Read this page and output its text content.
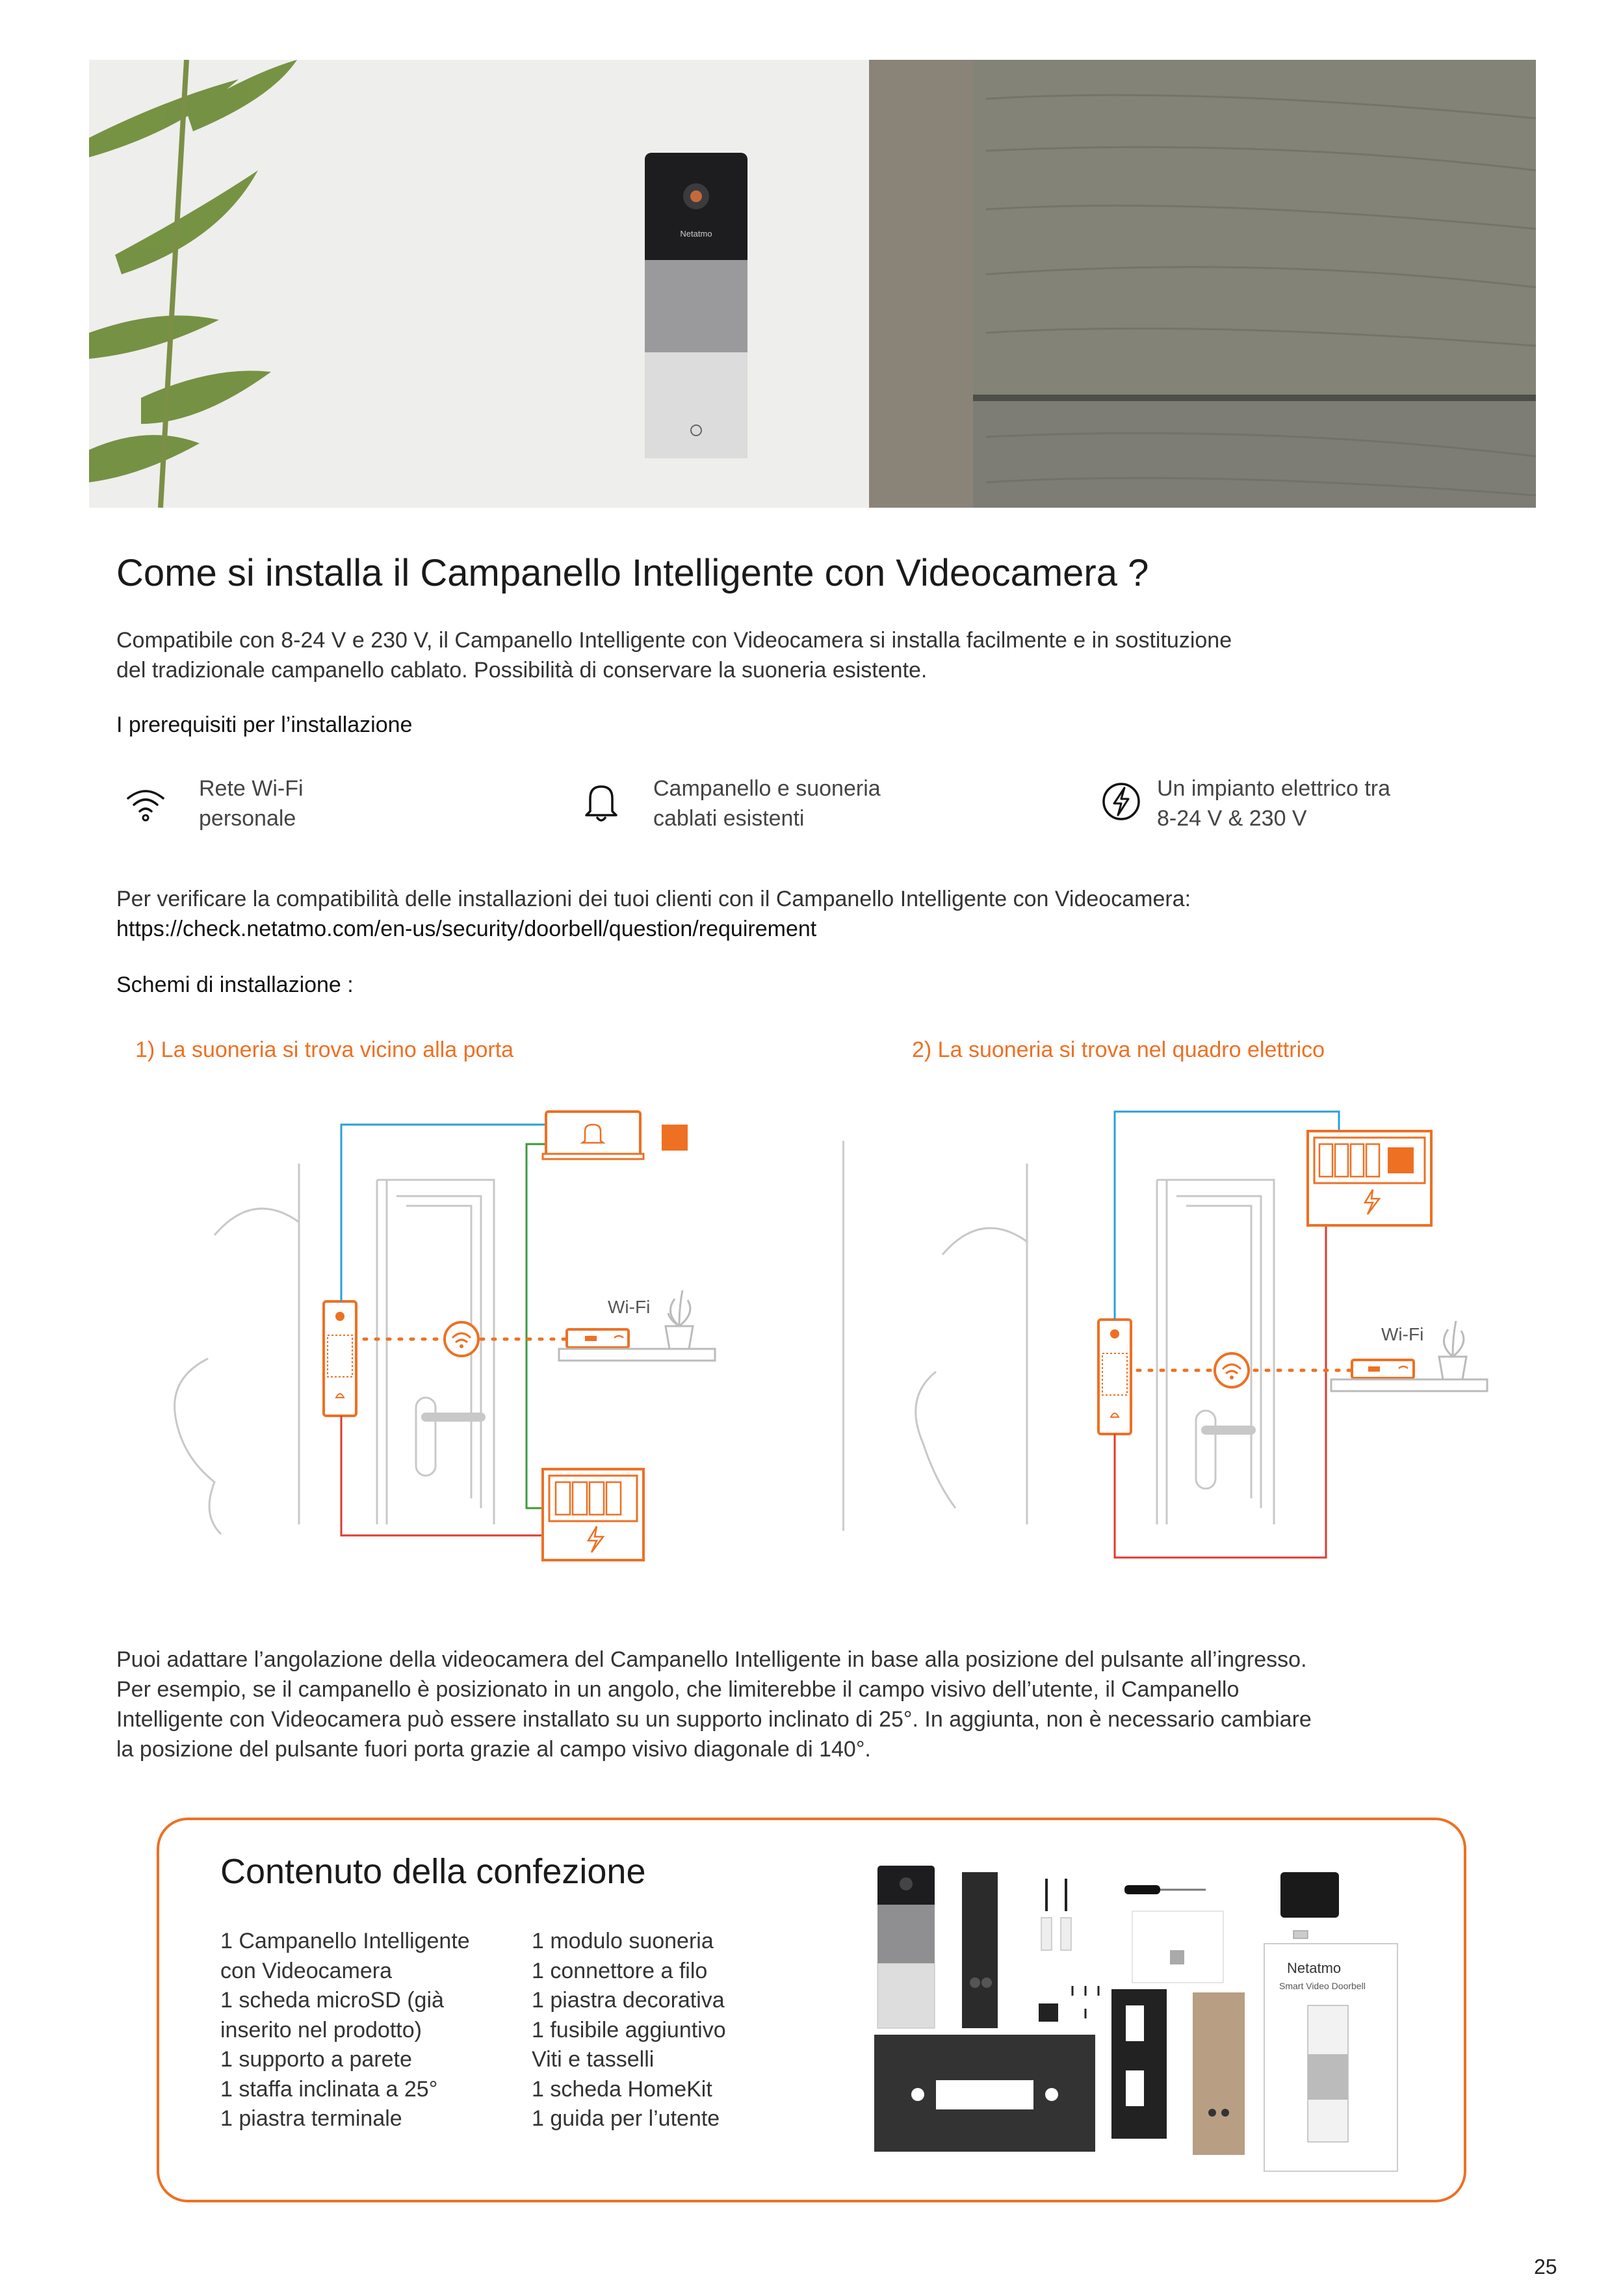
Netatmo
Come si installa il Campanello Intelligente con Videocamera ?
Compatibile con 8-24 V e 230 V, il Campanello Intelligente con Videocamera si installa facilmente e in sostituzione
del tradizionale campanello cablato. Possibilità di conservare la suoneria esistente.
I prerequisiti per l’installazione
Rete Wi-Fi
personale
Campanello e suoneria
cablati esistenti
Un impianto elettrico tra
8-24 V & 230 V
Per verificare la compatibilità delle installazioni dei tuoi clienti con il Campanello Intelligente con Videocamera:
https://check.netatmo.com/en-us/security/doorbell/question/requirement
Schemi di installazione :
1) La suoneria si trova vicino alla porta	2) La suoneria si trova nel quadro elettrico
Wi-Fi
Wi-Fi
Puoi adattare l’angolazione della videocamera del Campanello Intelligente in base alla posizione del pulsante all’ingresso.
Per esempio, se il campanello è posizionato in un angolo, che limiterebbe il campo visivo dell’utente, il Campanello
Intelligente con Videocamera può essere installato su un supporto inclinato di 25°. In aggiunta, non è necessario cambiare
la posizione del pulsante fuori porta grazie al campo visivo diagonale di 140°.
Contenuto della confezione
1 Campanello Intelligente
con Videocamera
1 scheda microSD (già
inserito nel prodotto)
1 supporto a parete
1 staffa inclinata a 25°
1 piastra terminale
1 modulo suoneria
1 connettore a filo
1 piastra decorativa
1 fusibile aggiuntivo
Viti e tasselli
1 scheda HomeKit
1 guida per l’utente
Netatmo
Smart Video Doorbell
25
